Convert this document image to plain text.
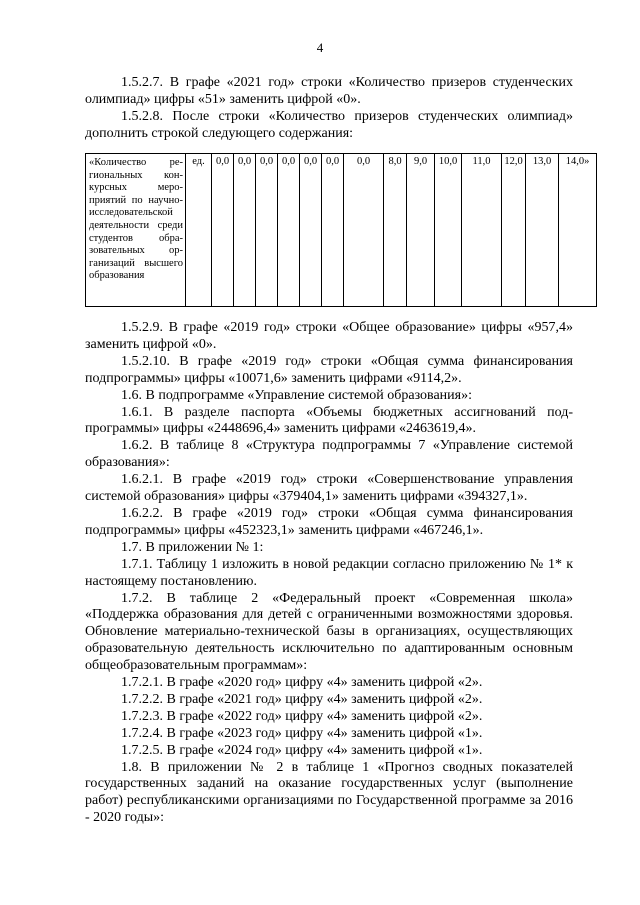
4

1.5.2.7. В графе «2021 год» строки «Количество призеров студенческих олимпиад» цифры «51» заменить цифрой «0».

1.5.2.8. После строки «Количество призеров студенческих олимпиад» дополнить строкой следующего содержания:

«Количество региональных конкурсных мероприятий по научно-исследовательской деятельности среди студентов образовательных организаций высшего образования	ед.	0,0	0,0	0,0	0,0	0,0	0,0	0,0	8,0	9,0	10,0	11,0	12,0	13,0	14,0»

1.5.2.9. В графе «2019 год» строки «Общее образование» цифры «957,4» заменить цифрой «0».

1.5.2.10. В графе «2019 год» строки «Общая сумма финансирования подпрограммы» цифры «10071,6» заменить цифрами «9114,2».

1.6. В подпрограмме «Управление системой образования»:

1.6.1. В разделе паспорта «Объемы бюджетных ассигнований подпрограммы» цифры «2448696,4» заменить цифрами «2463619,4».

1.6.2. В таблице 8 «Структура подпрограммы 7 «Управление системой образования»:

1.6.2.1. В графе «2019 год» строки «Совершенствование управления системой образования» цифры «379404,1» заменить цифрами «394327,1».

1.6.2.2. В графе «2019 год» строки «Общая сумма финансирования подпрограммы» цифры «452323,1» заменить цифрами «467246,1».

1.7. В приложении № 1:

1.7.1. Таблицу 1 изложить в новой редакции согласно приложению № 1* к настоящему постановлению.

1.7.2. В таблице 2 «Федеральный проект «Современная школа» «Поддержка образования для детей с ограниченными возможностями здоровья. Обновление материально-технической базы в организациях, осуществляющих образовательную деятельность исключительно по адаптированным основным общеобразовательным программам»:

1.7.2.1. В графе «2020 год» цифру «4» заменить цифрой «2».

1.7.2.2. В графе «2021 год» цифру «4» заменить цифрой «2».

1.7.2.3. В графе «2022 год» цифру «4» заменить цифрой «2».

1.7.2.4. В графе «2023 год» цифру «4» заменить цифрой «1».

1.7.2.5. В графе «2024 год» цифру «4» заменить цифрой «1».

1.8. В приложении № 2 в таблице 1 «Прогноз сводных показателей государственных заданий на оказание государственных услуг (выполнение работ) республиканскими организациями по Государственной программе за 2016 - 2020 годы»:
